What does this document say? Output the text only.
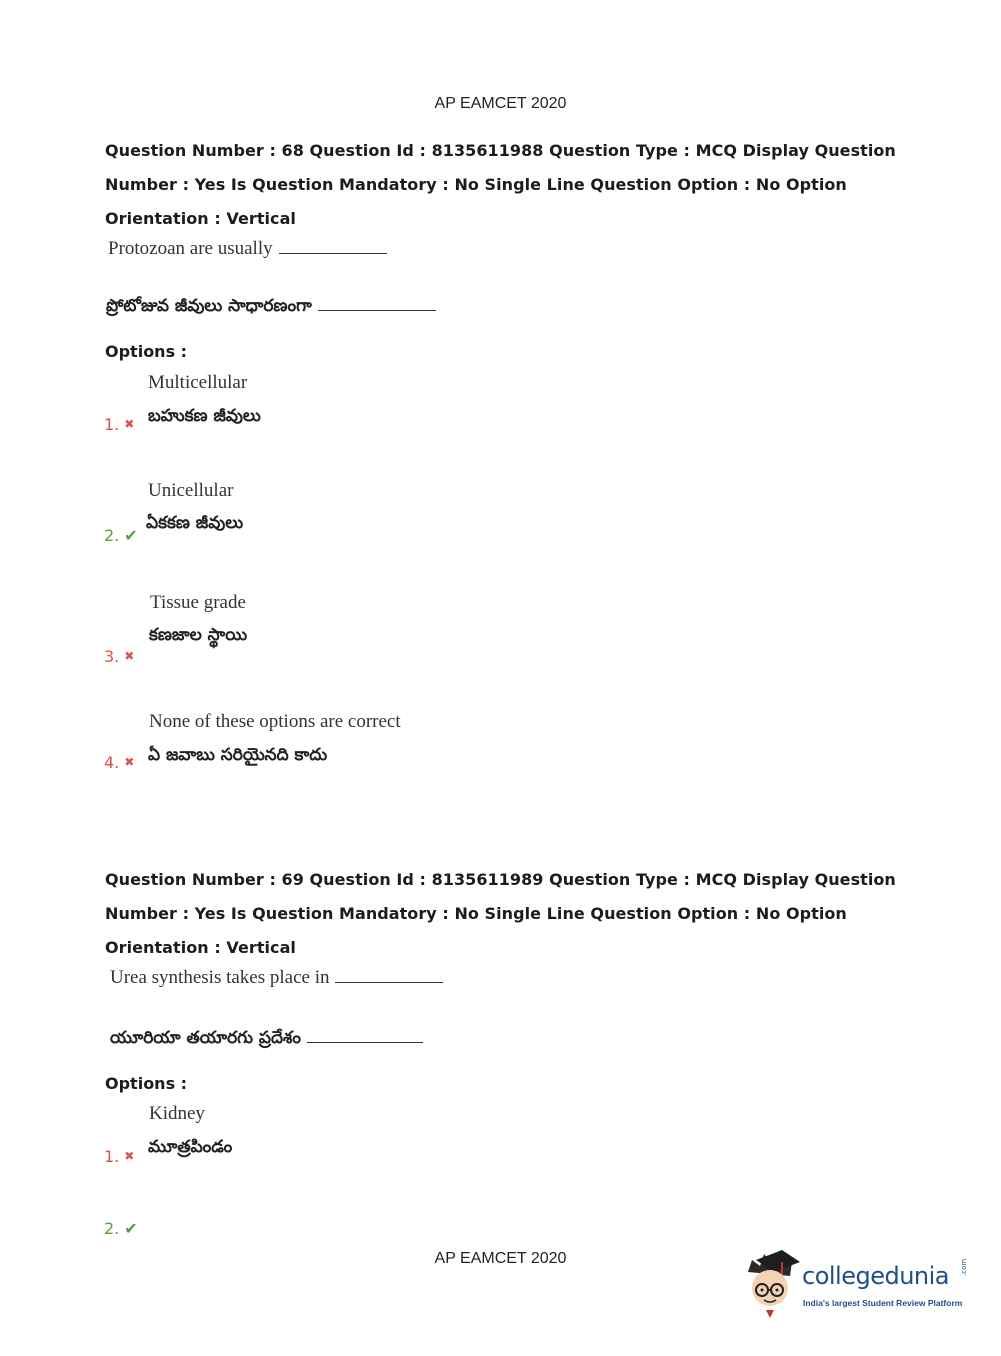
AP EAMCET 2020
Question Number : 68 Question Id : 8135611988 Question Type : MCQ Display Question
Number : Yes Is Question Mandatory : No Single Line Question Option : No Option
Orientation : Vertical
Protozoan are usually
ప్రోటోజువ జీవులు సాధారణంగా
Options :
Multicellular
బహుకణ జీవులు
1. ✖
Unicellular
ఏకకణ జీవులు
2. ✔
Tissue grade
కణజాల స్థాయి
3. ✖
None of these options are correct
ఏ జవాబు సరియైనది కాదు
4. ✖
Question Number : 69 Question Id : 8135611989 Question Type : MCQ Display Question
Number : Yes Is Question Mandatory : No Single Line Question Option : No Option
Orientation : Vertical
Urea synthesis takes place in
యూరియా తయారగు ప్రదేశం
Options :
Kidney
మూత్రపిండం
1. ✖
2. ✔
AP EAMCET 2020
collegedunia
India's largest Student Review Platform
.com
